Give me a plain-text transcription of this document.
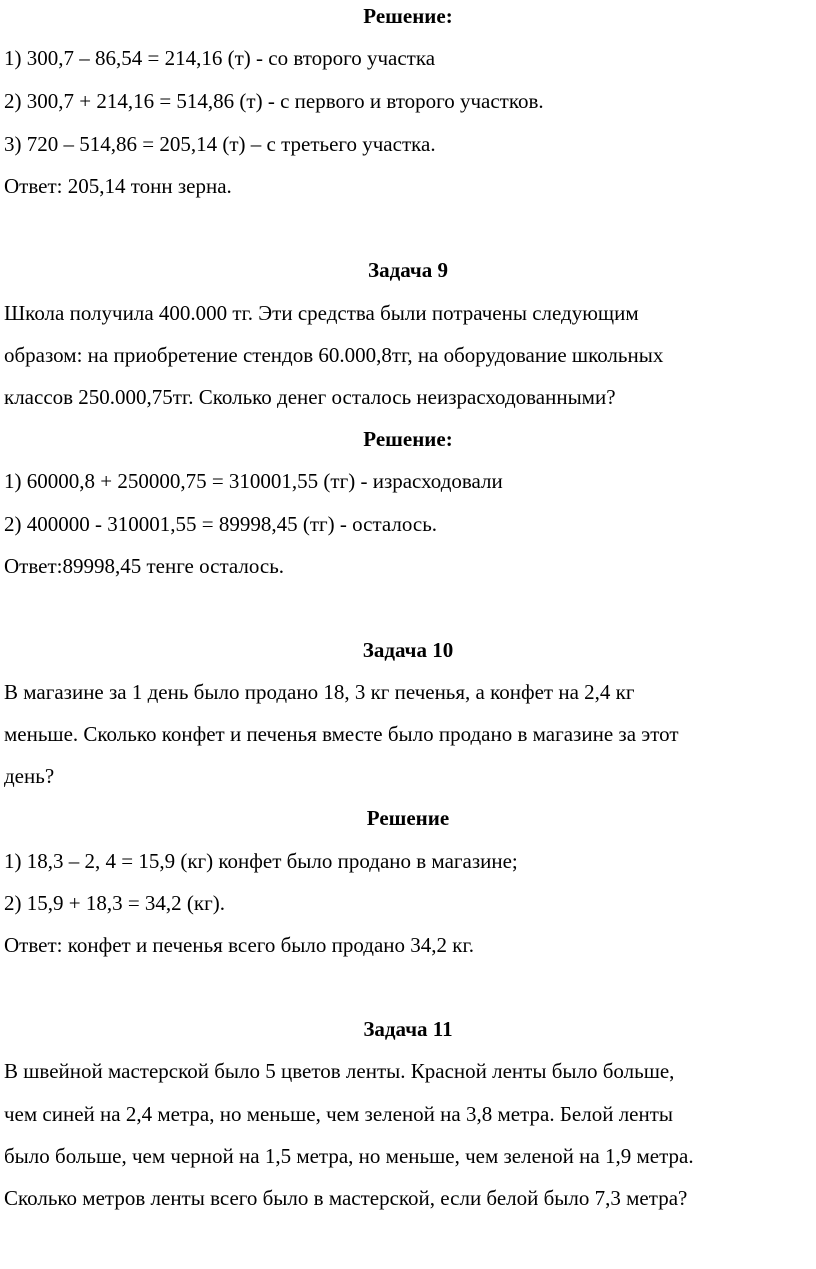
Решение:
1) 300,7 – 86,54 = 214,16 (т) - со второго участка
2) 300,7 + 214,16 = 514,86 (т) - с первого и второго участков.
3) 720 – 514,86 = 205,14 (т) – с третьего участка.
Ответ: 205,14 тонн зерна.
Задача 9
Школа получила 400.000 тг. Эти средства были потрачены следующим
образом: на приобретение стендов 60.000,8тг, на оборудование школьных
классов 250.000,75тг. Сколько денег осталось неизрасходованными?
Решение:
1) 60000,8 + 250000,75 = 310001,55 (тг) - израсходовали
2) 400000 - 310001,55 = 89998,45 (тг) - осталось.
Ответ:89998,45 тенге осталось.
Задача 10
В магазине за 1 день было продано 18, 3 кг печенья, а конфет на 2,4 кг
меньше. Сколько конфет и печенья вместе было продано в магазине за этот
день?
Решение
1) 18,3 – 2, 4 = 15,9 (кг) конфет было продано в магазине;
2) 15,9 + 18,3 = 34,2 (кг).
Ответ: конфет и печенья всего было продано 34,2 кг.
Задача 11
В швейной мастерской было 5 цветов ленты. Красной ленты было больше,
чем синей на 2,4 метра, но меньше, чем зеленой на 3,8 метра. Белой ленты
было больше, чем черной на 1,5 метра, но меньше, чем зеленой на 1,9 метра.
Сколько метров ленты всего было в мастерской, если белой было 7,3 метра?
